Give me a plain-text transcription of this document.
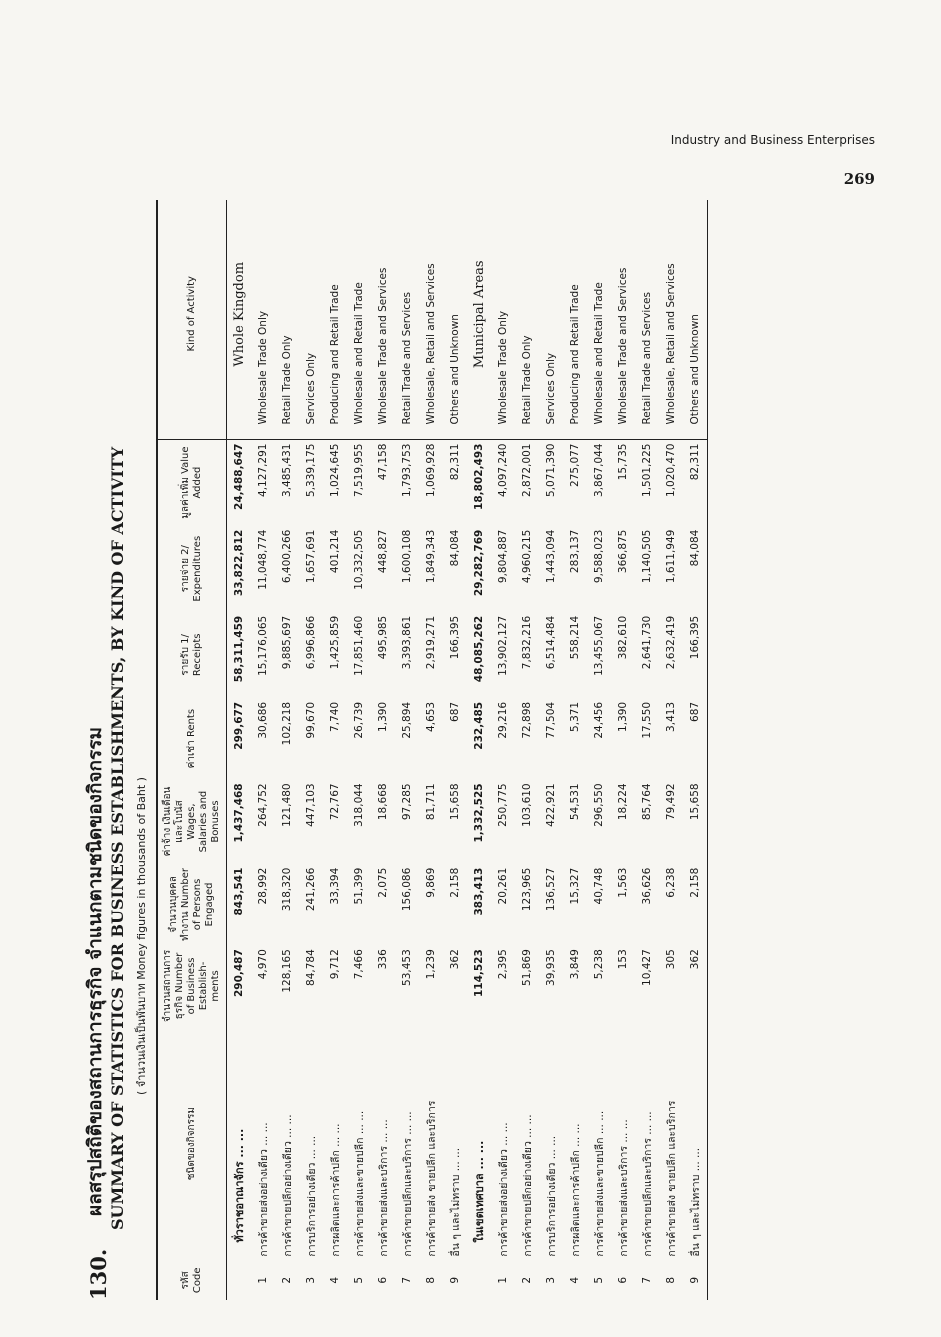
Industry and Business Enterprises
269
130.
ผลสรุปสถิติของสถานการธุรกิจ จำแนกตามชนิดของกิจกรรม SUMMARY OF STATISTICS FOR BUSINESS ESTABLISHMENTS, BY KIND OF ACTIVITY ( จำนวนเงินเป็นพันบาท Money figures in thousands of Baht )
รหัส Code	ชนิดของกิจกรรม	จำนวนสถานการธุรกิจ Number of Business Establish- ments	จำนวนบุคคลทำงาน Number of Persons Engaged	ค่าจ้าง เงินเดือน และโบนัส Wages, Salaries and Bonuses	ค่าเช่า Rents	รายรับ 1/ Receipts	รายจ่าย 2/ Expenditures	มูลค่าเพิ่ม Value Added	Kind of Activity
	ทั่วราชอาณาจักร ... ...	290,487	843,541	1,437,468	299,677	58,311,459	33,822,812	24,488,647	Whole Kingdom
1	การค้าขายส่งอย่างเดียว ... ...	4,970	28,992	264,752	30,686	15,176,065	11,048,774	4,127,291	Wholesale Trade Only
2	การค้าขายปลีกอย่างเดียว ... ...	128,165	318,320	121,480	102,218	9,885,697	6,400,266	3,485,431	Retail Trade Only
3	การบริการอย่างเดียว ... ...	84,784	241,266	447,103	99,670	6,996,866	1,657,691	5,339,175	Services Only
4	การผลิตและการค้าปลีก ... ...	9,712	33,394	72,767	7,740	1,425,859	401,214	1,024,645	Producing and Retail Trade
5	การค้าขายส่งและขายปลีก ... ...	7,466	51,399	318,044	26,739	17,851,460	10,332,505	7,519,955	Wholesale and Retail Trade
6	การค้าขายส่งและบริการ ... ...	336	2,075	18,668	1,390	495,985	448,827	47,158	Wholesale Trade and Services
7	การค้าขายปลีกและบริการ ... ...	53,453	156,086	97,285	25,894	3,393,861	1,600,108	1,793,753	Retail Trade and Services
8	การค้าขายส่ง ขายปลีก และบริการ	1,239	9,869	81,711	4,653	2,919,271	1,849,343	1,069,928	Wholesale, Retail and Services
9	อื่น ๆ และไม่ทราบ ... ...	362	2,158	15,658	687	166,395	84,084	82,311	Others and Unknown
	ในเขตเทศบาล ... ...	114,523	383,413	1,332,525	232,485	48,085,262	29,282,769	18,802,493	Municipal Areas
1	การค้าขายส่งอย่างเดียว ... ...	2,395	20,261	250,775	29,216	13,902,127	9,804,887	4,097,240	Wholesale Trade Only
2	การค้าขายปลีกอย่างเดียว ... ...	51,869	123,965	103,610	72,898	7,832,216	4,960,215	2,872,001	Retail Trade Only
3	การบริการอย่างเดียว ... ...	39,935	136,527	422,921	77,504	6,514,484	1,443,094	5,071,390	Services Only
4	การผลิตและการค้าปลีก ... ...	3,849	15,327	54,531	5,371	558,214	283,137	275,077	Producing and Retail Trade
5	การค้าขายส่งและขายปลีก ... ...	5,238	40,748	296,550	24,456	13,455,067	9,588,023	3,867,044	Wholesale and Retail Trade
6	การค้าขายส่งและบริการ ... ...	153	1,563	18,224	1,390	382,610	366,875	15,735	Wholesale Trade and Services
7	การค้าขายปลีกและบริการ ... ...	10,427	36,626	85,764	17,550	2,641,730	1,140,505	1,501,225	Retail Trade and Services
8	การค้าขายส่ง ขายปลีก และบริการ	305	6,238	79,492	3,413	2,632,419	1,611,949	1,020,470	Wholesale, Retail and Services
9	อื่น ๆ และไม่ทราบ ... ...	362	2,158	15,658	687	166,395	84,084	82,311	Others and Unknown
